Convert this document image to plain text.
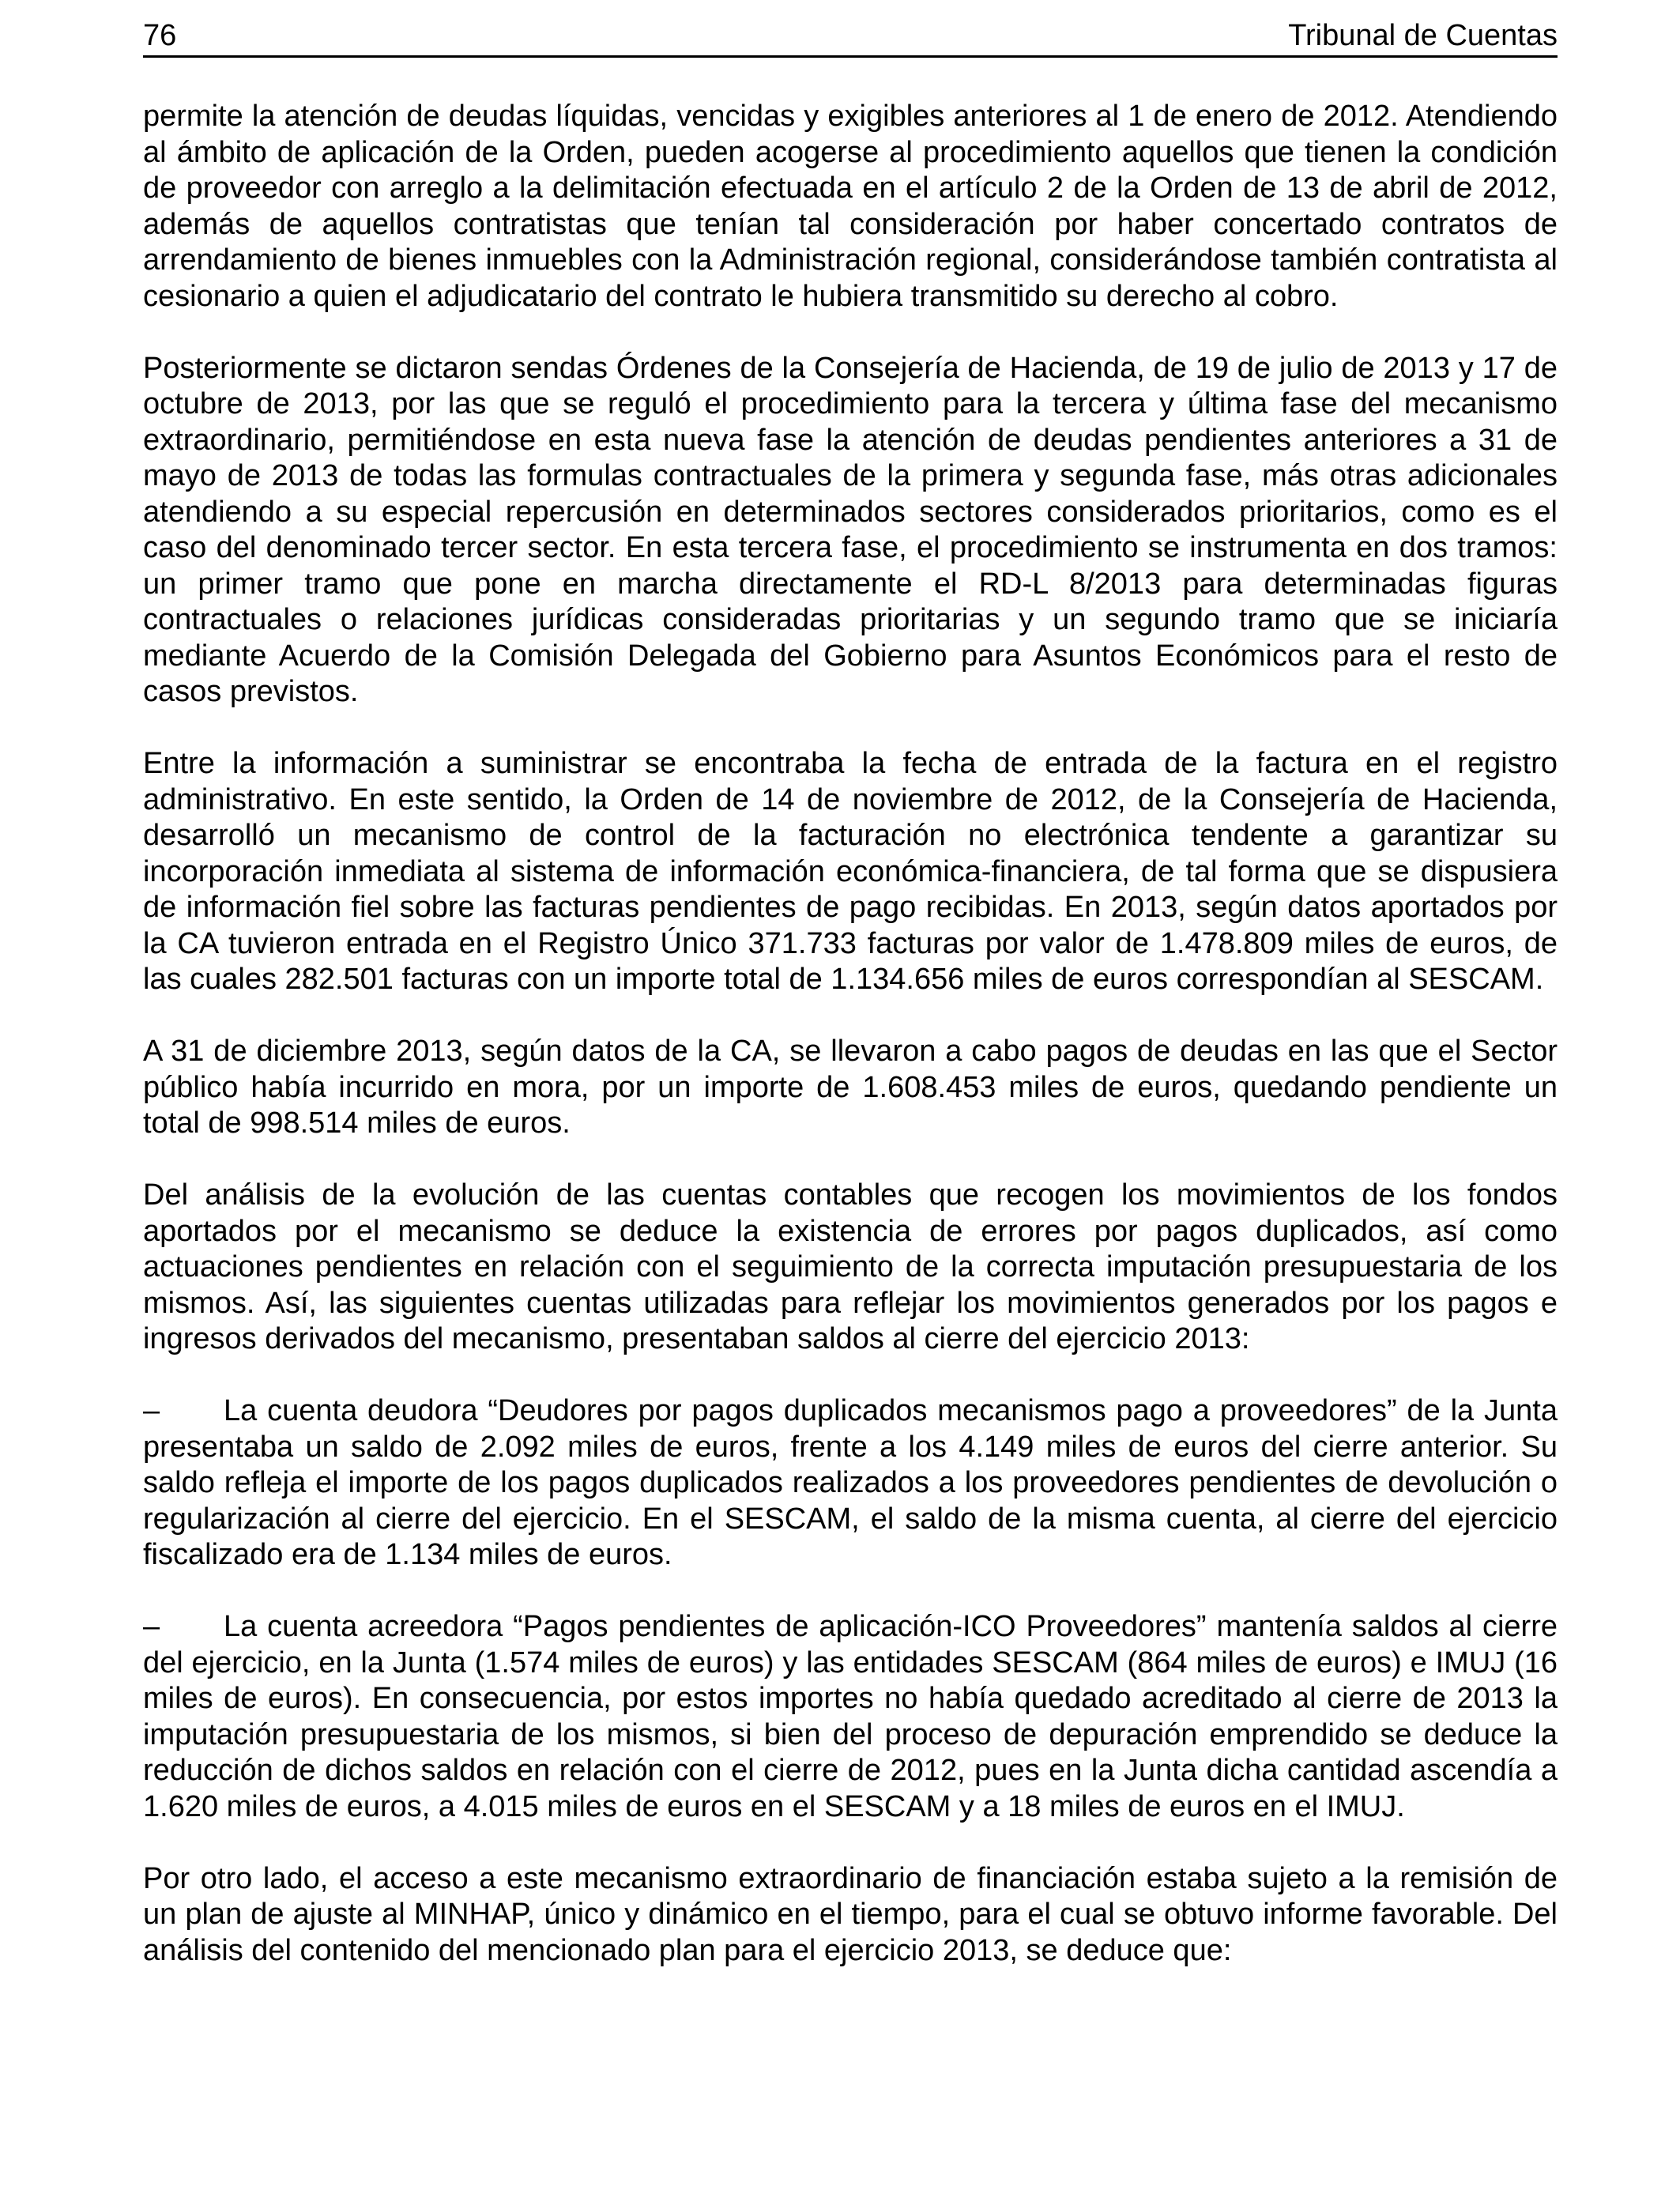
76	Tribunal de Cuentas

permite la atención de deudas líquidas, vencidas y exigibles anteriores al 1 de enero de 2012. Atendiendo al ámbito de aplicación de la Orden, pueden acogerse al procedimiento aquellos que tienen la condición de proveedor con arreglo a la delimitación efectuada en el artículo 2 de la Orden de 13 de abril de 2012, además de aquellos contratistas que tenían tal consideración por haber concertado contratos de arrendamiento de bienes inmuebles con la Administración regional, considerándose también contratista al cesionario a quien el adjudicatario del contrato le hubiera transmitido su derecho al cobro.

Posteriormente se dictaron sendas Órdenes de la Consejería de Hacienda, de 19 de julio de 2013 y 17 de octubre de 2013, por las que se reguló el procedimiento para la tercera y última fase del mecanismo extraordinario, permitiéndose en esta nueva fase la atención de deudas pendientes anteriores a 31 de mayo de 2013 de todas las formulas contractuales de la primera y segunda fase, más otras adicionales atendiendo a su especial repercusión en determinados sectores considerados prioritarios, como es el caso del denominado tercer sector. En esta tercera fase, el procedimiento se instrumenta en dos tramos: un primer tramo que pone en marcha directamente el RD-L 8/2013 para determinadas figuras contractuales o relaciones jurídicas consideradas prioritarias y un segundo tramo que se iniciaría mediante Acuerdo de la Comisión Delegada del Gobierno para Asuntos Económicos para el resto de casos previstos.

Entre la información a suministrar se encontraba la fecha de entrada de la factura en el registro administrativo. En este sentido, la Orden de 14 de noviembre de 2012, de la Consejería de Hacienda, desarrolló un mecanismo de control de la facturación no electrónica tendente a garantizar su incorporación inmediata al sistema de información económica-financiera, de tal forma que se dispusiera de información fiel sobre las facturas pendientes de pago recibidas. En 2013, según datos aportados por la CA tuvieron entrada en el Registro Único 371.733 facturas por valor de 1.478.809 miles de euros, de las cuales 282.501 facturas con un importe total de 1.134.656 miles de euros correspondían al SESCAM.

A 31 de diciembre 2013, según datos de la CA, se llevaron a cabo pagos de deudas en las que el Sector público había incurrido en mora, por un importe de 1.608.453 miles de euros, quedando pendiente un total de 998.514 miles de euros.

Del análisis de la evolución de las cuentas contables que recogen los movimientos de los fondos aportados por el mecanismo se deduce la existencia de errores por pagos duplicados, así como actuaciones pendientes en relación con el seguimiento de la correcta imputación presupuestaria de los mismos. Así, las siguientes cuentas utilizadas para reflejar los movimientos generados por los pagos e ingresos derivados del mecanismo, presentaban saldos al cierre del ejercicio 2013:

– La cuenta deudora “Deudores por pagos duplicados mecanismos pago a proveedores” de la Junta presentaba un saldo de 2.092 miles de euros, frente a los 4.149 miles de euros del cierre anterior. Su saldo refleja el importe de los pagos duplicados realizados a los proveedores pendientes de devolución o regularización al cierre del ejercicio. En el SESCAM, el saldo de la misma cuenta, al cierre del ejercicio fiscalizado era de 1.134 miles de euros.

– La cuenta acreedora “Pagos pendientes de aplicación-ICO Proveedores” mantenía saldos al cierre del ejercicio, en la Junta (1.574 miles de euros) y las entidades SESCAM (864 miles de euros) e IMUJ (16 miles de euros). En consecuencia, por estos importes no había quedado acreditado al cierre de 2013 la imputación presupuestaria de los mismos, si bien del proceso de depuración emprendido se deduce la reducción de dichos saldos en relación con el cierre de 2012, pues en la Junta dicha cantidad ascendía a 1.620 miles de euros, a 4.015 miles de euros en el SESCAM y a 18 miles de euros en el IMUJ.

Por otro lado, el acceso a este mecanismo extraordinario de financiación estaba sujeto a la remisión de un plan de ajuste al MINHAP, único y dinámico en el tiempo, para el cual se obtuvo informe favorable. Del análisis del contenido del mencionado plan para el ejercicio 2013, se deduce que:
